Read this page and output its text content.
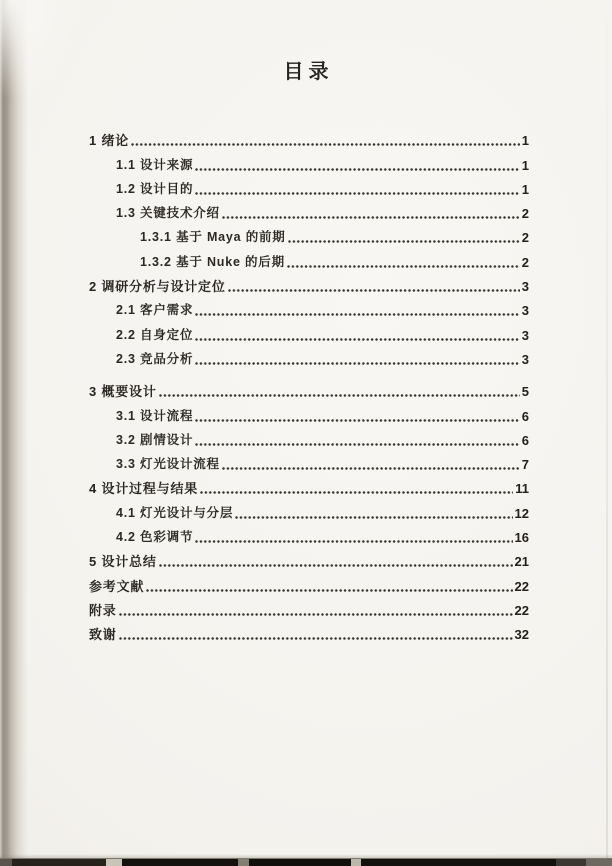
目录
1 绪论	1
1.1 设计来源	1
1.2 设计目的	1
1.3 关键技术介绍	2
1.3.1 基于 Maya 的前期	2
1.3.2 基于 Nuke 的后期	2
2 调研分析与设计定位	3
2.1 客户需求	3
2.2 自身定位	3
2.3 竞品分析	3
3 概要设计	5
3.1 设计流程	6
3.2 剧情设计	6
3.3 灯光设计流程	7
4 设计过程与结果	11
4.1 灯光设计与分层	12
4.2 色彩调节	16
5 设计总结	21
参考文献	22
附录	22
致谢	32
